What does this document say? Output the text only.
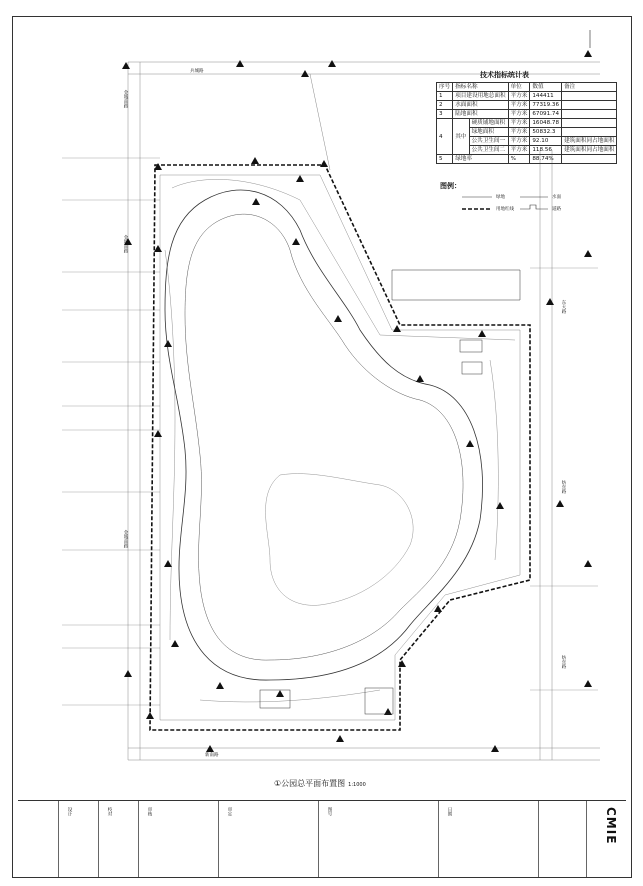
兵城路
金城南路
金城南路
金城南路
东大路
纺东路
纺东路
新南路
技术指标统计表
序号	指标名称		单位	数值	备注
1	项目建设用地总面积		平方米	144411	
2	水面面积		平方米	77319.36	
3	陆地面积		平方米	67091.74	
4	其中	硬质铺地面积	平方米	16048.78	
		绿地面积	平方米	50832.3	
		公共卫生间一	平方米	92.10	建筑面积同占地面积
		公共卫生间二	平方米	118.56	建筑面积同占地面积
5	绿地率		%	88.74%	
图例：
绿地	水面
用地红线	道路
①公园总平面布置图 1:1000
设计	校对	审核	审定	图号	日期	CMIE
